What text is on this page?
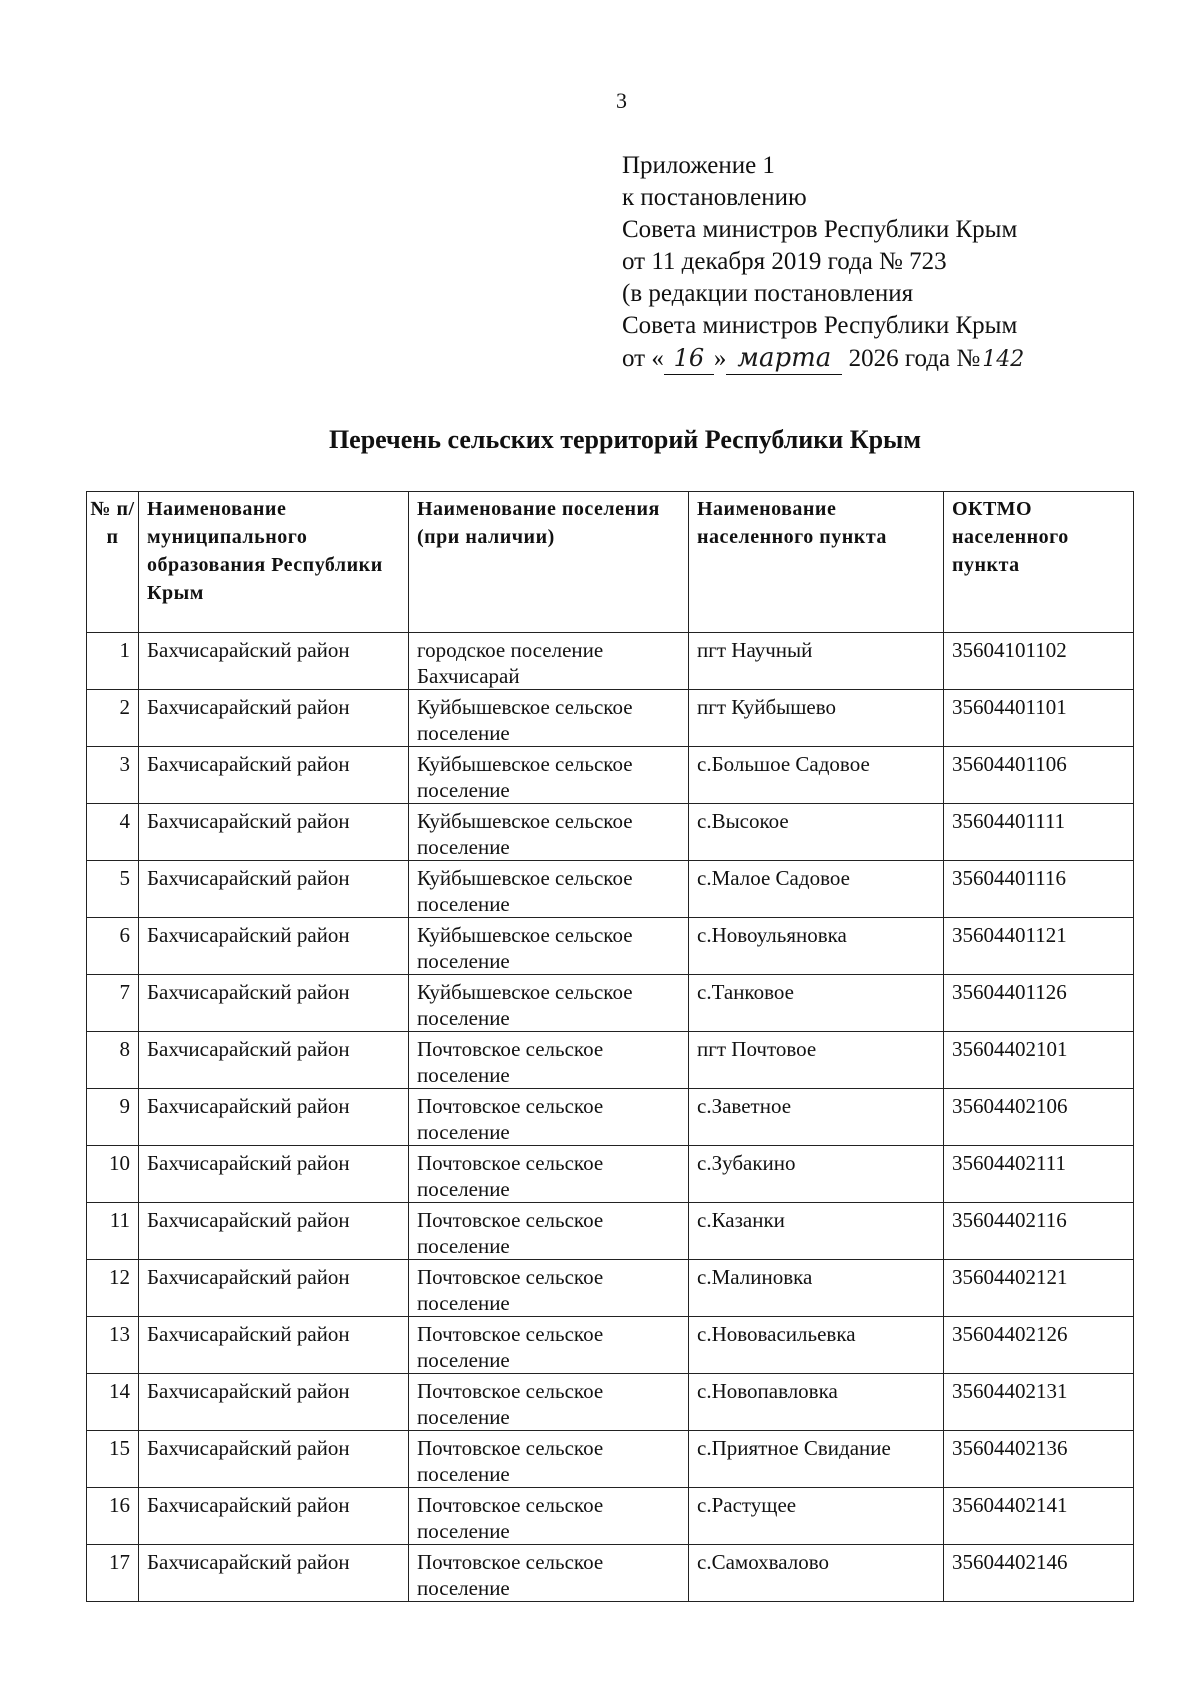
3
Приложение 1
к постановлению
Совета министров Республики Крым
от 11 декабря 2019 года № 723
(в редакции постановления
Совета министров Республики Крым
от « 16 » марта 2026 года №142
Перечень сельских территорий Республики Крым
№ п/п	Наименование муниципального образования Республики Крым	Наименование поселения (при наличии)	Наименование населенного пункта	ОКТМО населенного пункта
1	Бахчисарайский район	городское поселение Бахчисарай	пгт Научный	35604101102
2	Бахчисарайский район	Куйбышевское сельское поселение	пгт Куйбышево	35604401101
3	Бахчисарайский район	Куйбышевское сельское поселение	с.Большое Садовое	35604401106
4	Бахчисарайский район	Куйбышевское сельское поселение	с.Высокое	35604401111
5	Бахчисарайский район	Куйбышевское сельское поселение	с.Малое Садовое	35604401116
6	Бахчисарайский район	Куйбышевское сельское поселение	с.Новоульяновка	35604401121
7	Бахчисарайский район	Куйбышевское сельское поселение	с.Танковое	35604401126
8	Бахчисарайский район	Почтовское сельское поселение	пгт Почтовое	35604402101
9	Бахчисарайский район	Почтовское сельское поселение	с.Заветное	35604402106
10	Бахчисарайский район	Почтовское сельское поселение	с.Зубакино	35604402111
11	Бахчисарайский район	Почтовское сельское поселение	с.Казанки	35604402116
12	Бахчисарайский район	Почтовское сельское поселение	с.Малиновка	35604402121
13	Бахчисарайский район	Почтовское сельское поселение	с.Нововасильевка	35604402126
14	Бахчисарайский район	Почтовское сельское поселение	с.Новопавловка	35604402131
15	Бахчисарайский район	Почтовское сельское поселение	с.Приятное Свидание	35604402136
16	Бахчисарайский район	Почтовское сельское поселение	с.Растущее	35604402141
17	Бахчисарайский район	Почтовское сельское поселение	с.Самохвалово	35604402146
